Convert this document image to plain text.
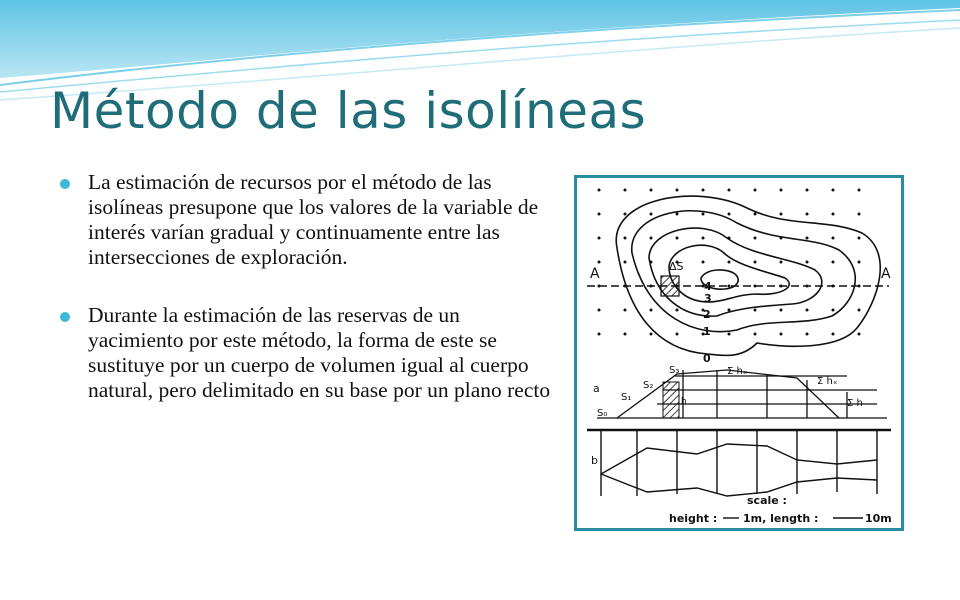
Método de las isolíneas
La estimación de recursos por el método de las isolíneas presupone que los valores de la variable de interés varían gradual y continuamente entre las intersecciones de exploración.
Durante la estimación de las reservas de un yacimiento por este método, la forma de este se sustituye por un cuerpo de volumen igual al cuerpo natural, pero delimitado en su base por un plano recto
A	A
ΔS
4
3
2
1
0
a
S₀
S₁
S₂
S₃	Σ hₓ
Σ hₓ
Σ h
h
b
scale :
height : 1m, length :	10m
